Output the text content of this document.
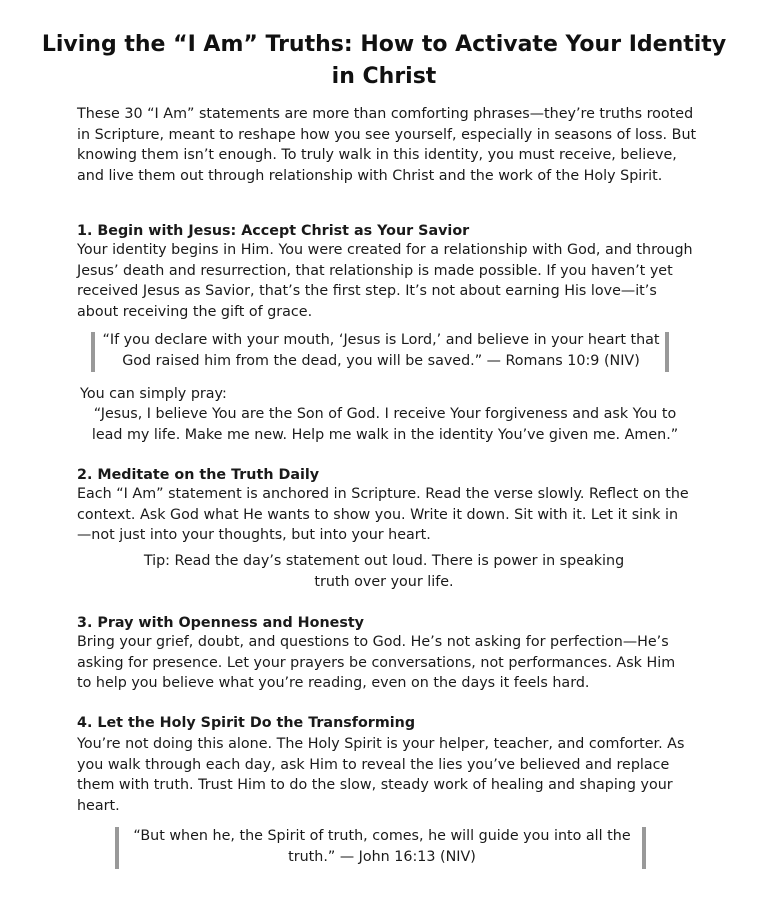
Living the “I Am” Truths: How to Activate Your Identity in Christ

These 30 “I Am” statements are more than comforting phrases—they’re truths rooted in Scripture, meant to reshape how you see yourself, especially in seasons of loss. But knowing them isn’t enough. To truly walk in this identity, you must receive, believe, and live them out through relationship with Christ and the work of the Holy Spirit.

1. Begin with Jesus: Accept Christ as Your Savior

Your identity begins in Him. You were created for a relationship with God, and through Jesus’ death and resurrection, that relationship is made possible. If you haven’t yet received Jesus as Savior, that’s the first step. It’s not about earning His love—it’s about receiving the gift of grace.

“If you declare with your mouth, ‘Jesus is Lord,’ and believe in your heart that God raised him from the dead, you will be saved.” — Romans 10:9 (NIV)
You can simply pray:
“Jesus, I believe You are the Son of God. I receive Your forgiveness and ask You to lead my life. Make me new. Help me walk in the identity You’ve given me. Amen.”
2. Meditate on the Truth Daily

Each “I Am” statement is anchored in Scripture. Read the verse slowly. Reflect on the context. Ask God what He wants to show you. Write it down. Sit with it. Let it sink in—not just into your thoughts, but into your heart.

Tip: Read the day’s statement out loud. There is power in speaking truth over your life.
3. Pray with Openness and Honesty

Bring your grief, doubt, and questions to God. He’s not asking for perfection—He’s asking for presence. Let your prayers be conversations, not performances. Ask Him to help you believe what you’re reading, even on the days it feels hard.

4. Let the Holy Spirit Do the Transforming

You’re not doing this alone. The Holy Spirit is your helper, teacher, and comforter. As you walk through each day, ask Him to reveal the lies you’ve believed and replace them with truth. Trust Him to do the slow, steady work of healing and shaping your heart.

“But when he, the Spirit of truth, comes, he will guide you into all the truth.” — John 16:13 (NIV)
